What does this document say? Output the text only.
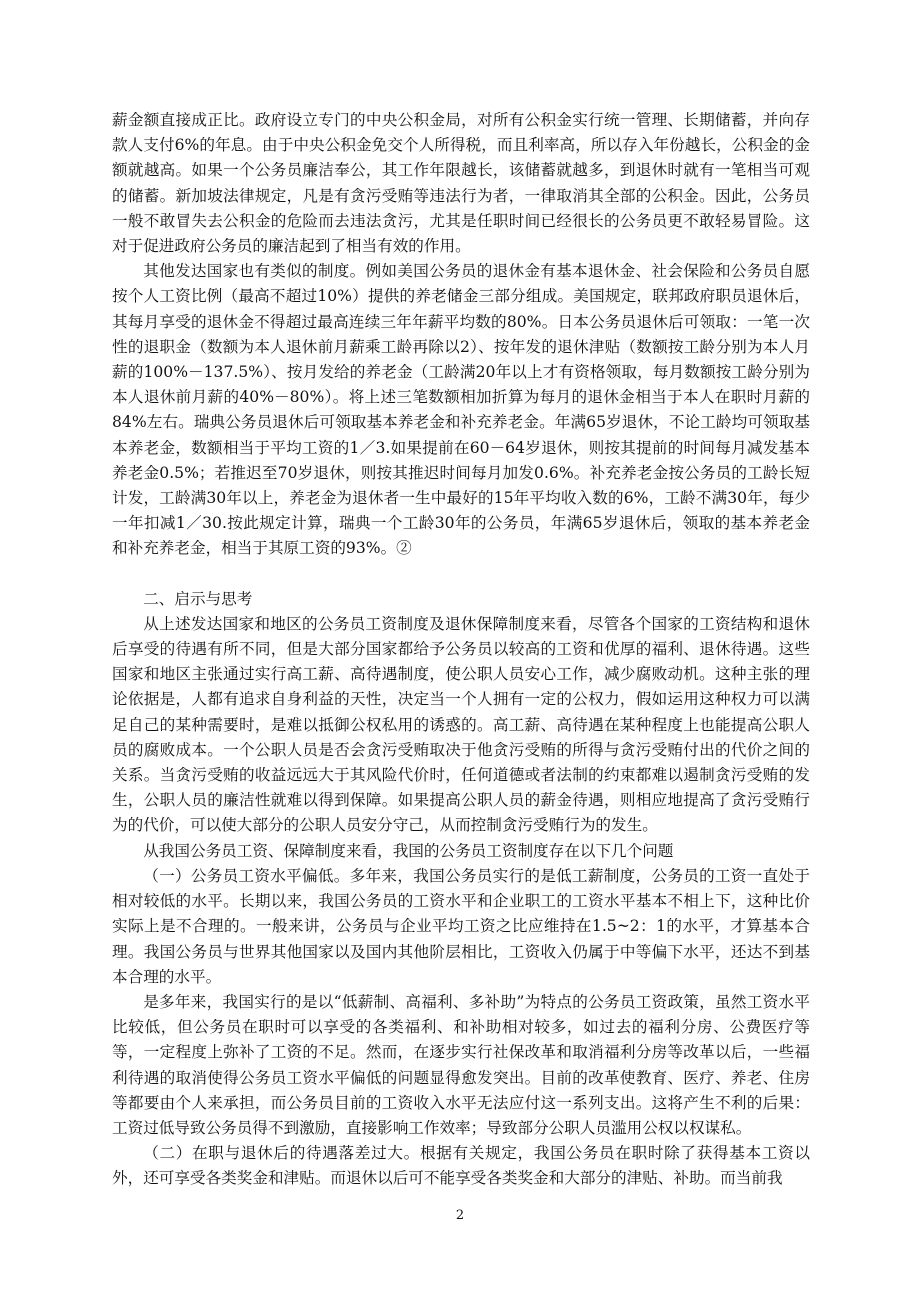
薪金额直接成正比。政府设立专门的中央公积金局，对所有公积金实行统一管理、长期储蓄，并向存款人支付6%的年息。由于中央公积金免交个人所得税，而且利率高，所以存入年份越长，公积金的金额就越高。如果一个公务员廉洁奉公，其工作年限越长，该储蓄就越多，到退休时就有一笔相当可观的储蓄。新加坡法律规定，凡是有贪污受贿等违法行为者，一律取消其全部的公积金。因此，公务员一般不敢冒失去公积金的危险而去违法贪污，尤其是任职时间已经很长的公务员更不敢轻易冒险。这对于促进政府公务员的廉洁起到了相当有效的作用。

其他发达国家也有类似的制度。例如美国公务员的退休金有基本退休金、社会保险和公务员自愿按个人工资比例（最高不超过10%）提供的养老储金三部分组成。美国规定，联邦政府职员退休后，其每月享受的退休金不得超过最高连续三年年薪平均数的80%。日本公务员退休后可领取：一笔一次性的退职金（数额为本人退休前月薪乘工龄再除以2）、按年发的退休津贴（数额按工龄分别为本人月薪的100%－137.5%）、按月发给的养老金（工龄满20年以上才有资格领取，每月数额按工龄分别为本人退休前月薪的40%－80%）。将上述三笔数额相加折算为每月的退休金相当于本人在职时月薪的84%左右。瑞典公务员退休后可领取基本养老金和补充养老金。年满65岁退休，不论工龄均可领取基本养老金，数额相当于平均工资的1／3.如果提前在60－64岁退休，则按其提前的时间每月减发基本养老金0.5%；若推迟至70岁退休，则按其推迟时间每月加发0.6%。补充养老金按公务员的工龄长短计发，工龄满30年以上，养老金为退休者一生中最好的15年平均收入数的6%，工龄不满30年，每少一年扣减1／30.按此规定计算，瑞典一个工龄30年的公务员，年满65岁退休后，领取的基本养老金和补充养老金，相当于其原工资的93%。②

二、启示与思考

从上述发达国家和地区的公务员工资制度及退休保障制度来看，尽管各个国家的工资结构和退休后享受的待遇有所不同，但是大部分国家都给予公务员以较高的工资和优厚的福利、退休待遇。这些国家和地区主张通过实行高工薪、高待遇制度，使公职人员安心工作，减少腐败动机。这种主张的理论依据是，人都有追求自身利益的天性，决定当一个人拥有一定的公权力，假如运用这种权力可以满足自己的某种需要时，是难以抵御公权私用的诱惑的。高工薪、高待遇在某种程度上也能提高公职人员的腐败成本。一个公职人员是否会贪污受贿取决于他贪污受贿的所得与贪污受贿付出的代价之间的关系。当贪污受贿的收益远远大于其风险代价时，任何道德或者法制的约束都难以遏制贪污受贿的发生，公职人员的廉洁性就难以得到保障。如果提高公职人员的薪金待遇，则相应地提高了贪污受贿行为的代价，可以使大部分的公职人员安分守己，从而控制贪污受贿行为的发生。

从我国公务员工资、保障制度来看，我国的公务员工资制度存在以下几个问题

（一）公务员工资水平偏低。多年来，我国公务员实行的是低工薪制度，公务员的工资一直处于相对较低的水平。长期以来，我国公务员的工资水平和企业职工的工资水平基本不相上下，这种比价实际上是不合理的。一般来讲，公务员与企业平均工资之比应维持在1.5~2：1的水平，才算基本合理。我国公务员与世界其他国家以及国内其他阶层相比，工资收入仍属于中等偏下水平，还达不到基本合理的水平。

是多年来，我国实行的是以“低薪制、高福利、多补助”为特点的公务员工资政策，虽然工资水平比较低，但公务员在职时可以享受的各类福利、和补助相对较多，如过去的福利分房、公费医疗等等，一定程度上弥补了工资的不足。然而，在逐步实行社保改革和取消福利分房等改革以后，一些福利待遇的取消使得公务员工资水平偏低的问题显得愈发突出。目前的改革使教育、医疗、养老、住房等都要由个人来承担，而公务员目前的工资收入水平无法应付这一系列支出。这将产生不利的后果：工资过低导致公务员得不到激励，直接影响工作效率；导致部分公职人员滥用公权以权谋私。

（二）在职与退休后的待遇落差过大。根据有关规定，我国公务员在职时除了获得基本工资以外，还可享受各类奖金和津贴。而退休以后可不能享受各类奖金和大部分的津贴、补助。而当前我

2
